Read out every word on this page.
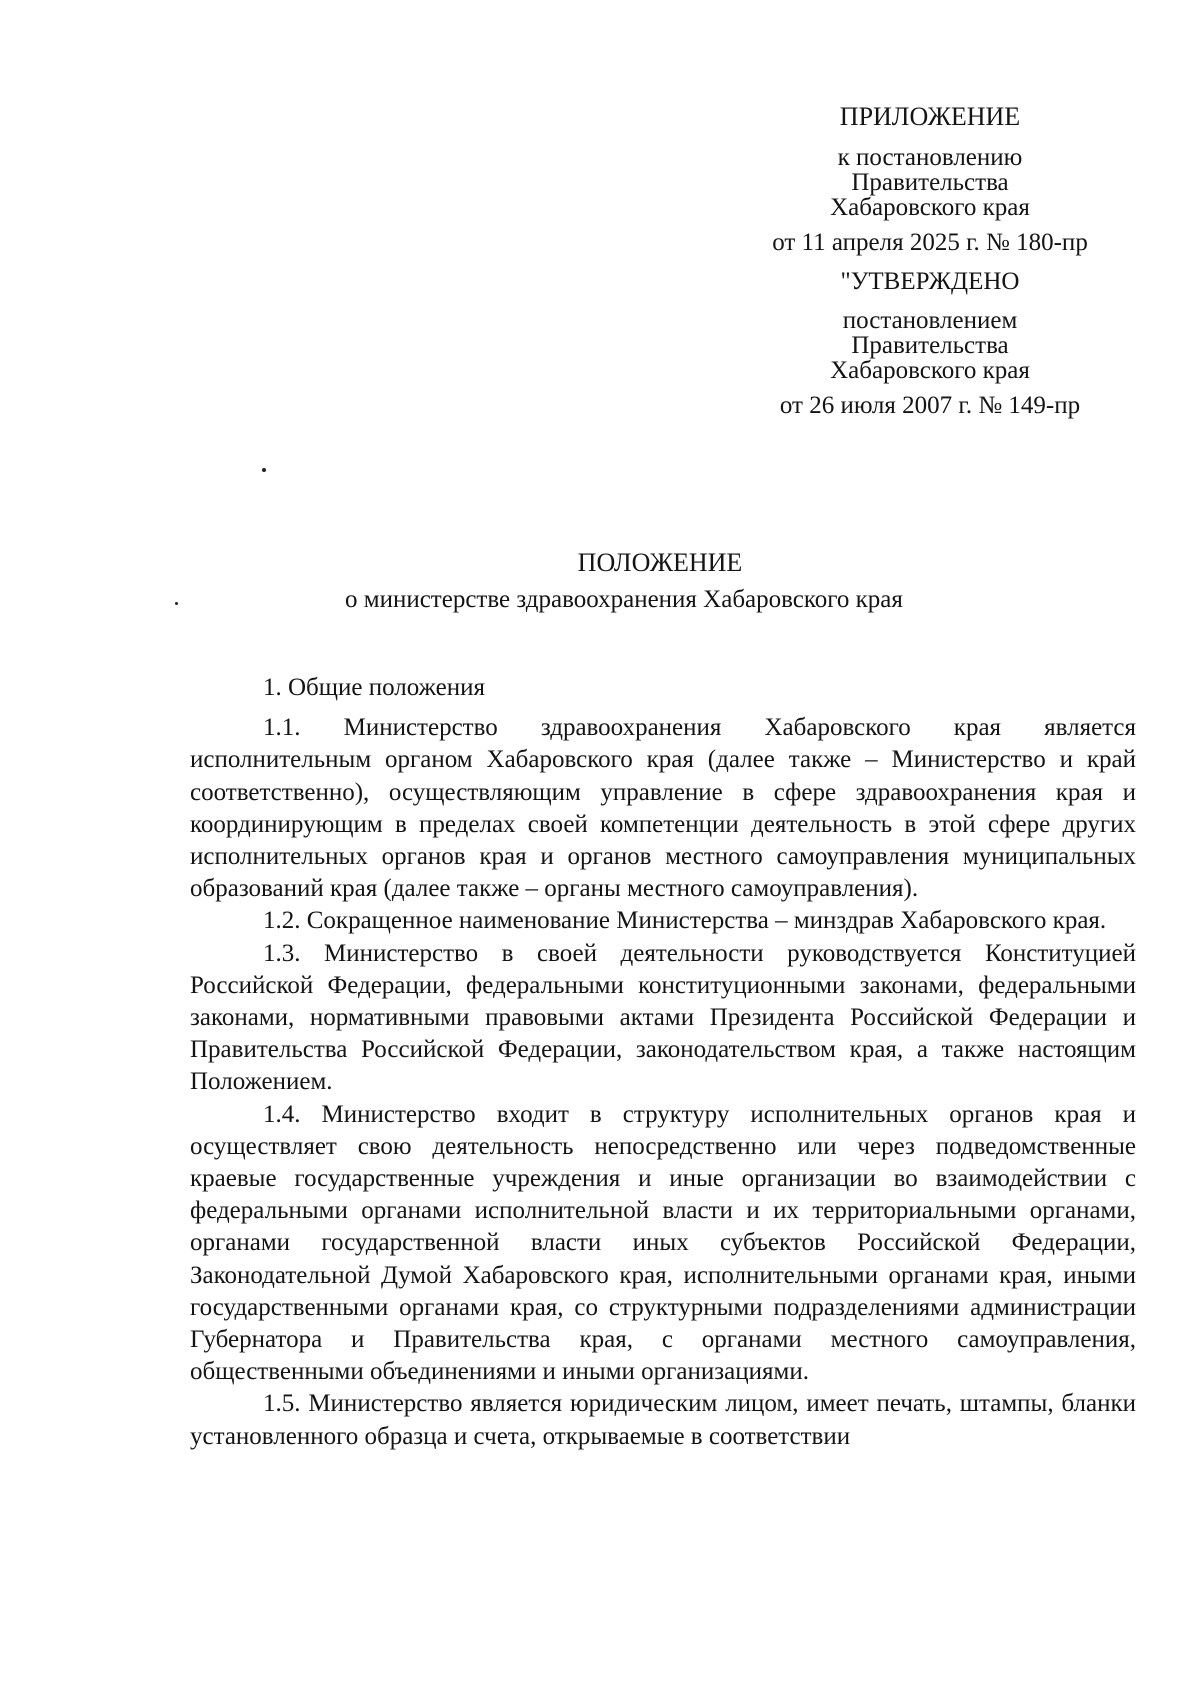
ПРИЛОЖЕНИЕ
к постановлению
Правительства
Хабаровского края
от 11 апреля 2025 г. № 180-пр
"УТВЕРЖДЕНО
постановлением
Правительства
Хабаровского края
от 26 июля 2007 г. № 149-пр
ПОЛОЖЕНИЕ
о министерстве здравоохранения Хабаровского края
1. Общие положения

1.1. Министерство здравоохранения Хабаровского края является исполнительным органом Хабаровского края (далее также – Министерство и край соответственно), осуществляющим управление в сфере здравоохранения края и координирующим в пределах своей компетенции деятельность в этой сфере других исполнительных органов края и органов местного самоуправления муниципальных образований края (далее также – органы местного самоуправления).

1.2. Сокращенное наименование Министерства – минздрав Хабаровского края.

1.3. Министерство в своей деятельности руководствуется Конституцией Российской Федерации, федеральными конституционными законами, федеральными законами, нормативными правовыми актами Президента Российской Федерации и Правительства Российской Федерации, законодательством края, а также настоящим Положением.

1.4. Министерство входит в структуру исполнительных органов края и осуществляет свою деятельность непосредственно или через подведомственные краевые государственные учреждения и иные организации во взаимодействии с федеральными органами исполнительной власти и их территориальными органами, органами государственной власти иных субъектов Российской Федерации, Законодательной Думой Хабаровского края, исполнительными органами края, иными государственными органами края, со структурными подразделениями администрации Губернатора и Правительства края, с органами местного самоуправления, общественными объединениями и иными организациями.

1.5. Министерство является юридическим лицом, имеет печать, штампы, бланки установленного образца и счета, открываемые в соответствии
